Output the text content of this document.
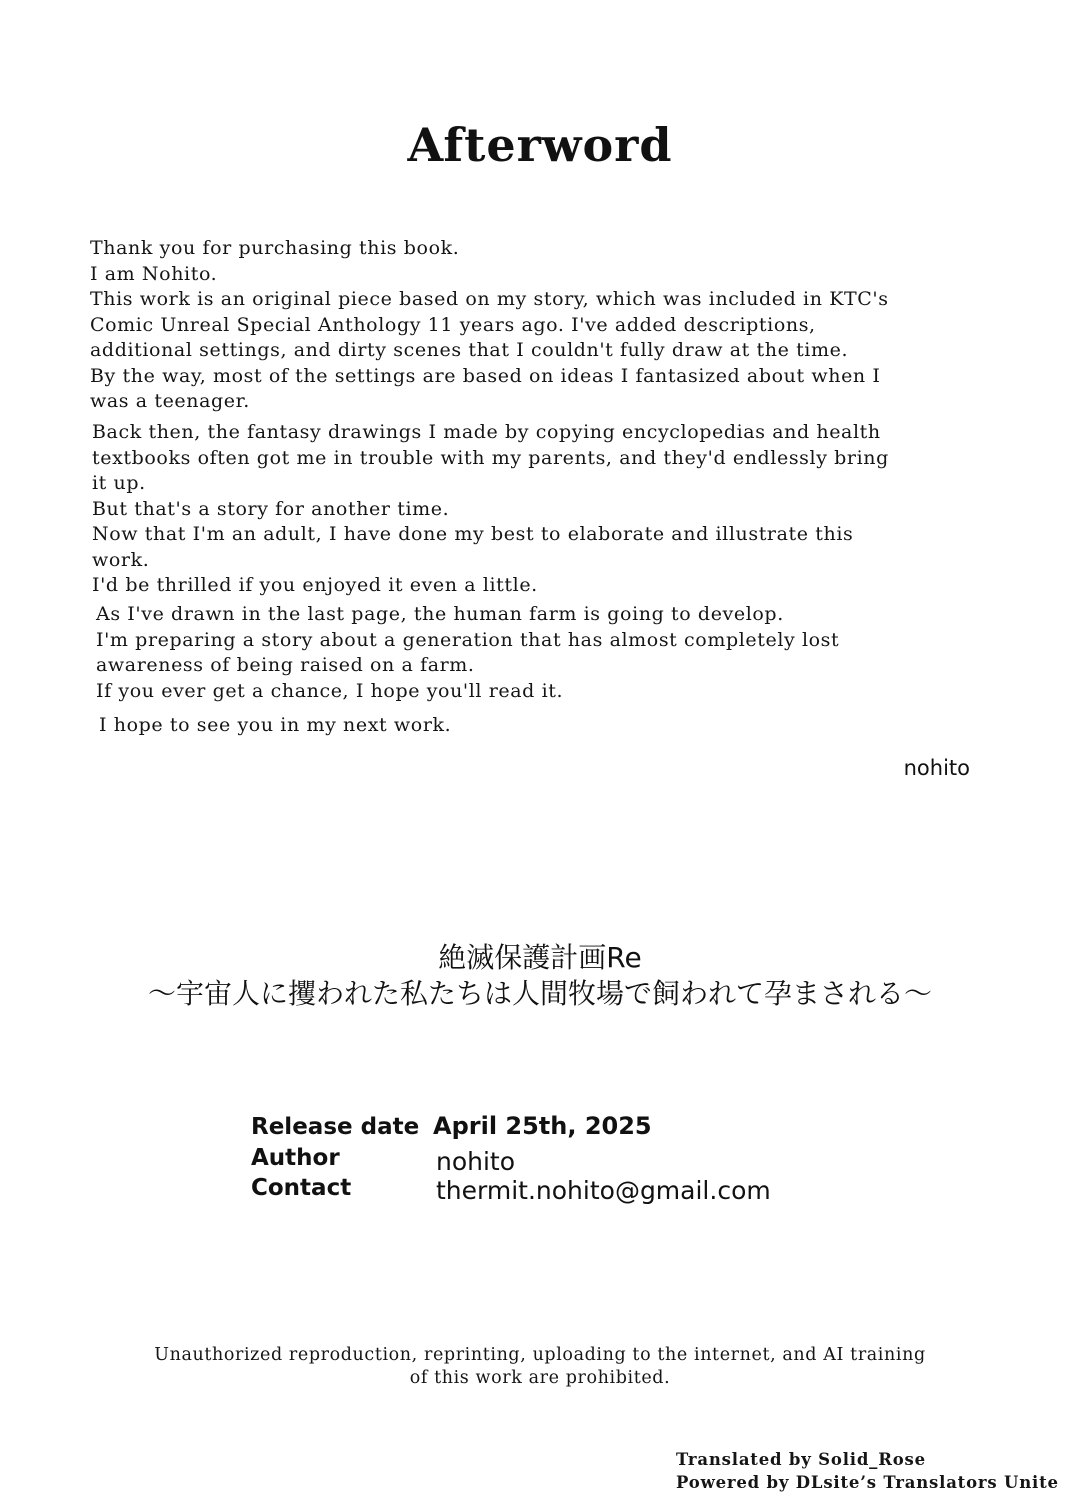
Afterword
Thank you for purchasing this book.
I am Nohito.
This work is an original piece based on my story, which was included in KTC's
Comic Unreal Special Anthology 11 years ago. I've added descriptions,
additional settings, and dirty scenes that I couldn't fully draw at the time.
By the way, most of the settings are based on ideas I fantasized about when I
was a teenager.
Back then, the fantasy drawings I made by copying encyclopedias and health
textbooks often got me in trouble with my parents, and they'd endlessly bring
it up.
But that's a story for another time.
Now that I'm an adult, I have done my best to elaborate and illustrate this
work.
I'd be thrilled if you enjoyed it even a little.
As I've drawn in the last page, the human farm is going to develop.
I'm preparing a story about a generation that has almost completely lost
awareness of being raised on a farm.
If you ever get a chance, I hope you'll read it.
I hope to see you in my next work.
nohito
絶滅保護計画Re
〜宇宙人に攫われた私たちは人間牧場で飼われて孕まされる〜
Release date April 25th, 2025
Author	nohito
Contact	thermit.nohito@gmail.com
Unauthorized reproduction, reprinting, uploading to the internet, and AI training
of this work are prohibited.
Translated by Solid_Rose
Powered by DLsite’s Translators Unite
